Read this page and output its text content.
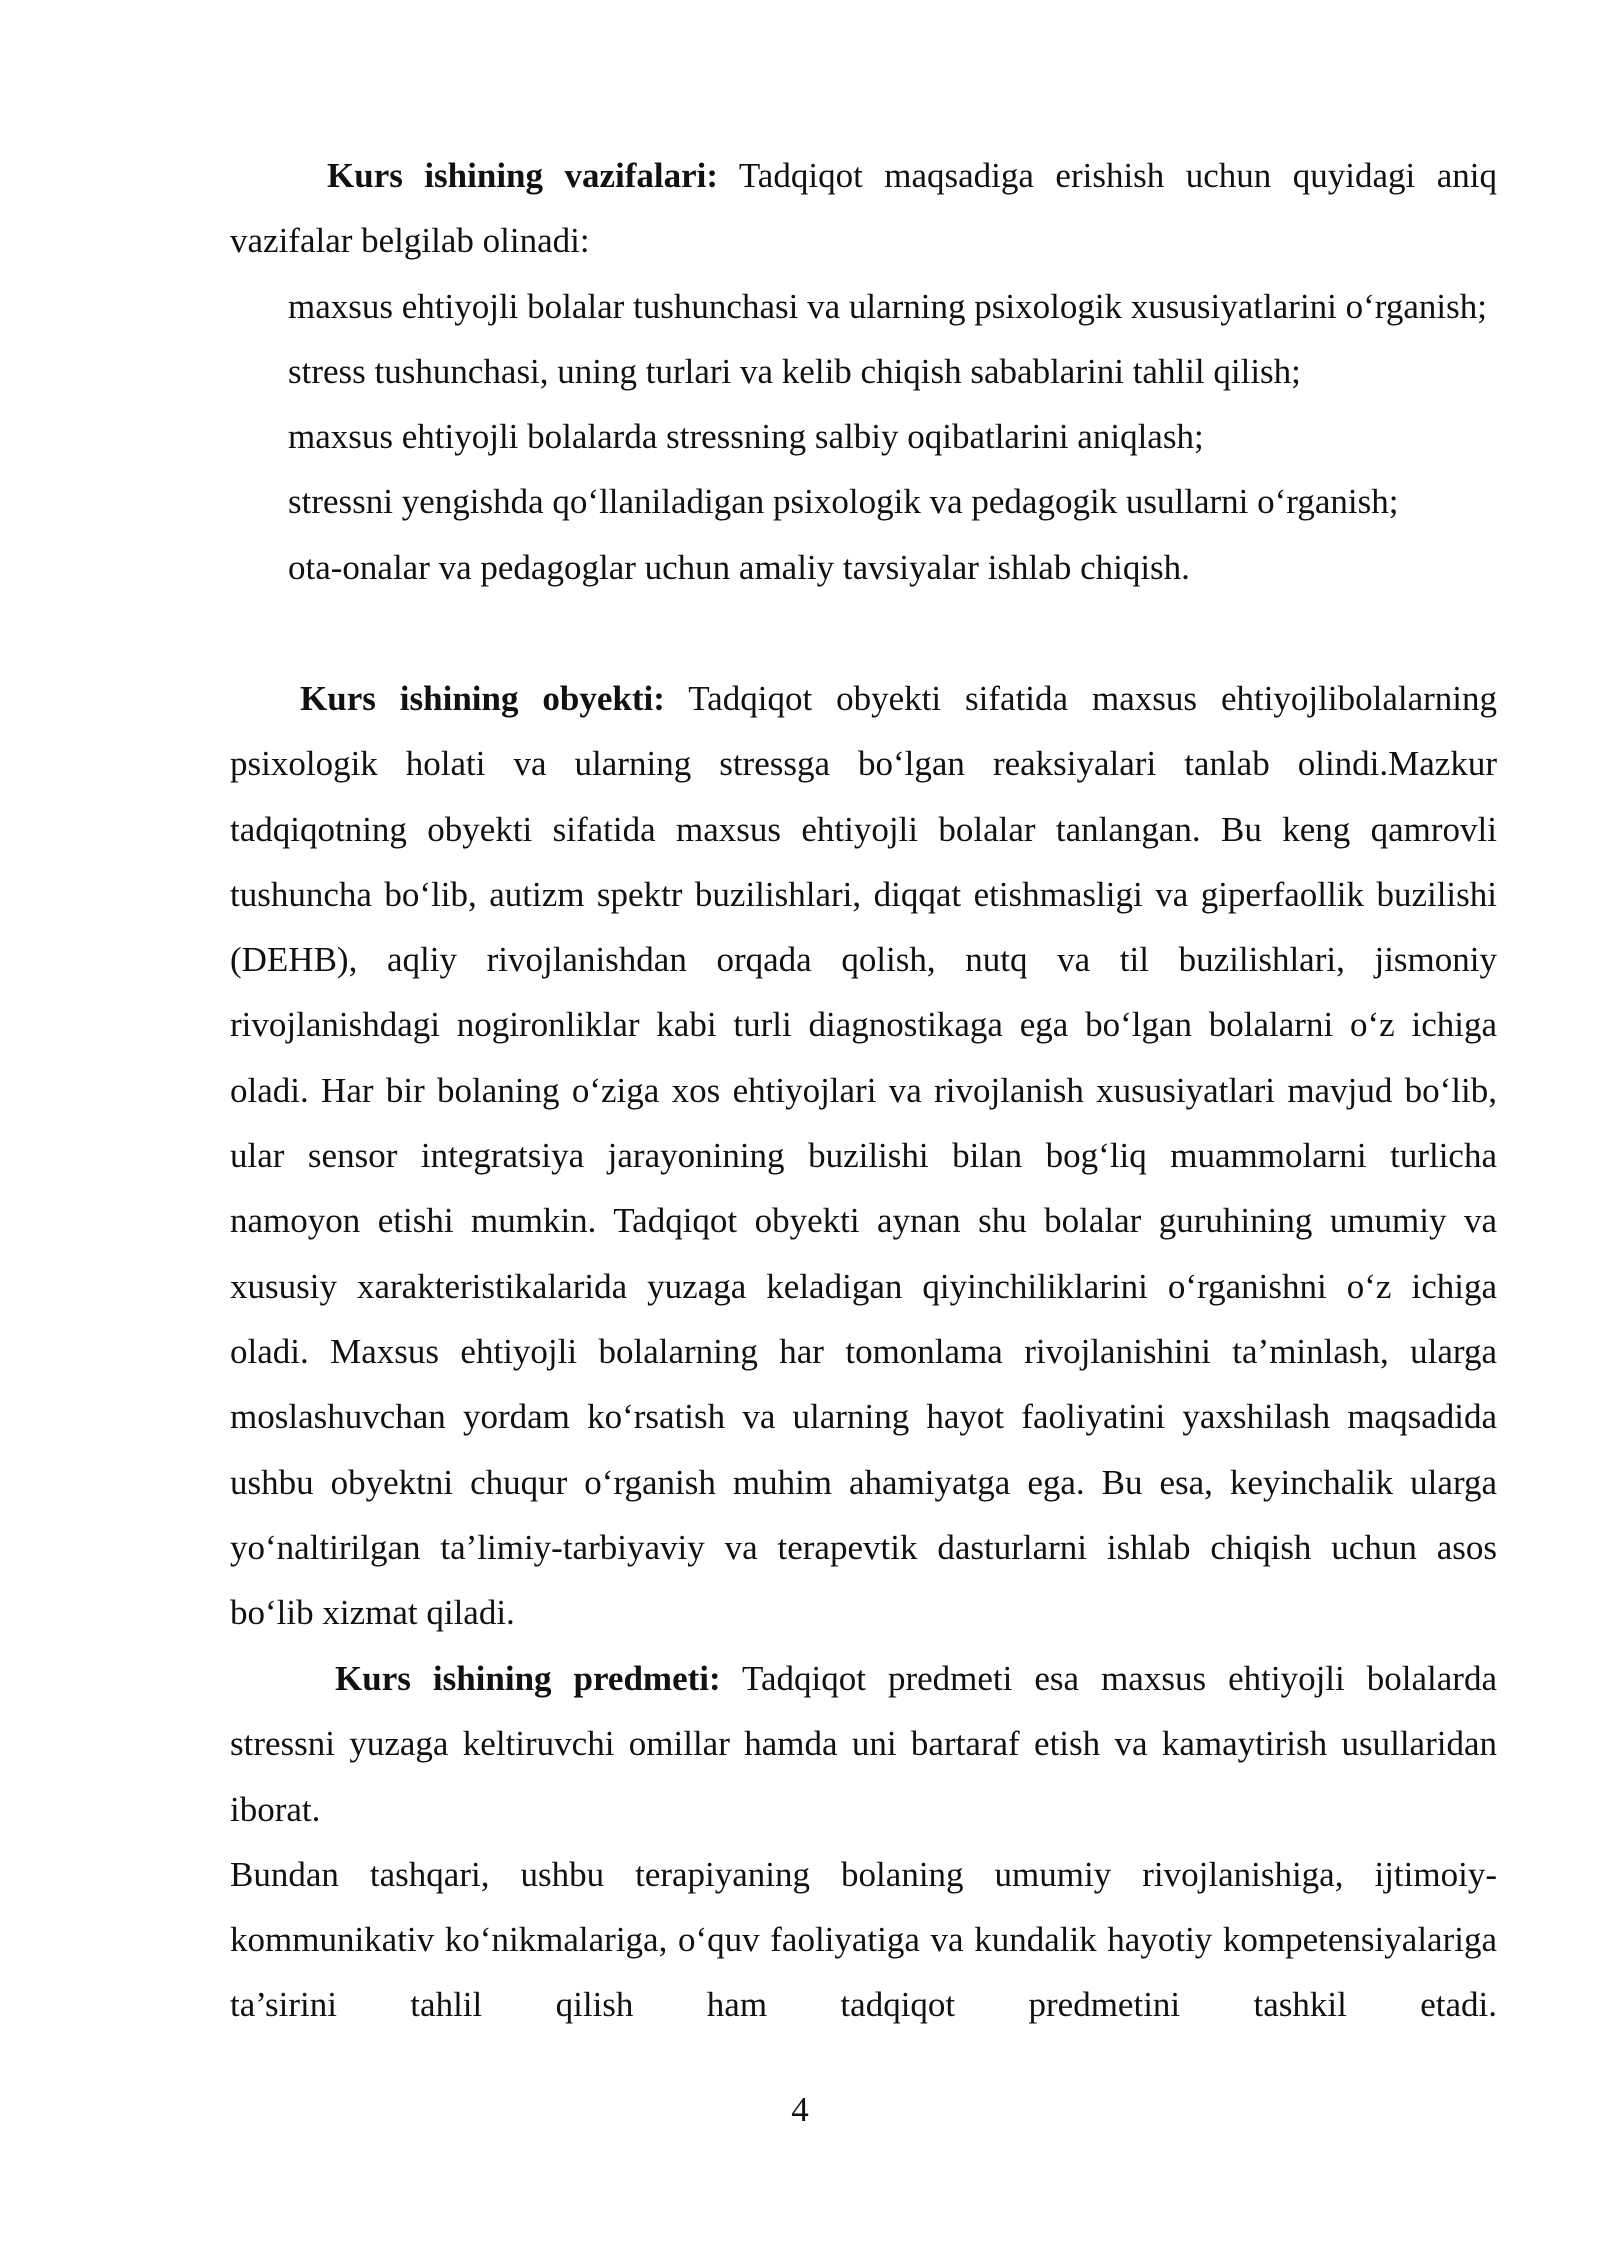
Kurs ishining vazifalari: Tadqiqot maqsadiga erishish uchun quyidagi aniq vazifalar belgilab olinadi:

maxsus ehtiyojli bolalar tushunchasi va ularning psixologik xususiyatlarini o‘rganish;
stress tushunchasi, uning turlari va kelib chiqish sabablarini tahlil qilish;
maxsus ehtiyojli bolalarda stressning salbiy oqibatlarini aniqlash;
stressni yengishda qo‘llaniladigan psixologik va pedagogik usullarni o‘rganish;
ota-onalar va pedagoglar uchun amaliy tavsiyalar ishlab chiqish.

Kurs ishining obyekti: Tadqiqot obyekti sifatida maxsus ehtiyojlibolalarning psixologik holati va ularning stressga bo‘lgan reaksiyalari tanlab olindi.Mazkur tadqiqotning obyekti sifatida maxsus ehtiyojli bolalar tanlangan. Bu keng qamrovli tushuncha bo‘lib, autizm spektr buzilishlari, diqqat etishmasligi va giperfaollik buzilishi (DEHB), aqliy rivojlanishdan orqada qolish, nutq va til buzilishlari, jismoniy rivojlanishdagi nogironliklar kabi turli diagnostikaga ega bo‘lgan bolalarni o‘z ichiga oladi. Har bir bolaning o‘ziga xos ehtiyojlari va rivojlanish xususiyatlari mavjud bo‘lib, ular sensor integratsiya jarayonining buzilishi bilan bog‘liq muammolarni turlicha namoyon etishi mumkin. Tadqiqot obyekti aynan shu bolalar guruhining umumiy va xususiy xarakteristikalarida yuzaga keladigan qiyinchiliklarini o‘rganishni o‘z ichiga oladi. Maxsus ehtiyojli bolalarning har tomonlama rivojlanishini ta’minlash, ularga moslashuvchan yordam ko‘rsatish va ularning hayot faoliyatini yaxshilash maqsadida ushbu obyektni chuqur o‘rganish muhim ahamiyatga ega. Bu esa, keyinchalik ularga yo‘naltirilgan ta’limiy-tarbiyaviy va terapevtik dasturlarni ishlab chiqish uchun asos bo‘lib xizmat qiladi.

Kurs ishining predmeti: Tadqiqot predmeti esa maxsus ehtiyojli bolalarda stressni yuzaga keltiruvchi omillar hamda uni bartaraf etish va kamaytirish usullaridan iborat.

Bundan tashqari, ushbu terapiyaning bolaning umumiy rivojlanishiga, ijtimoiy-kommunikativ ko‘nikmalariga, o‘quv faoliyatiga va kundalik hayotiy kompetensiyalariga ta’sirini tahlil qilish ham tadqiqot predmetini tashkil etadi.

4
